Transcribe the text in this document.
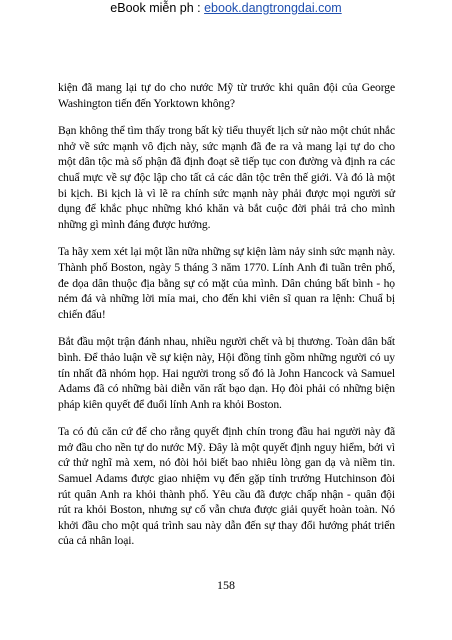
eBook miễn ph : ebook.dangtrongdai.com

kiện đã mang lại tự do cho nước Mỹ từ trước khi quân đội của George Washington tiến đến Yorktown không?

Bạn không thể tìm thấy trong bất kỳ tiểu thuyết lịch sử nào một chút nhắc nhở về sức mạnh vô địch này, sức mạnh đã đe ra và mang lại tự do cho một dân tộc mà số phận đã định đoạt sẽ tiếp tục con đường và định ra các chuẩ mực về sự độc lập cho tất cả các dân tộc trên thế giới. Và đó là một bi kịch. Bi kịch là vì lẽ ra chính sức mạnh này phải được mọi người sử dụng để khắc phục những khó khăn và bắt cuộc đời phải trả cho mình những gì mình đáng được hưởng.

Ta hãy xem xét lại một lần nữa những sự kiện làm nảy sinh sức mạnh này. Thành phố Boston, ngày 5 tháng 3 năm 1770. Lính Anh đi tuần trên phố, đe dọa dân thuộc địa bằng sự có mặt của mình. Dân chúng bất bình - họ ném đá và những lời mỉa mai, cho đến khi viên sĩ quan ra lệnh: Chuẩ bị chiến đấu!

Bắt đầu một trận đánh nhau, nhiều người chết và bị thương. Toàn dân bất bình. Để thảo luận về sự kiện này, Hội đồng tỉnh gồm những người có uy tín nhất đã nhóm họp. Hai người trong số đó là John Hancock và Samuel Adams đã có những bài diễn văn rất bạo dạn. Họ đòi phải có những biện pháp kiên quyết để đuổi lính Anh ra khỏi Boston.

Ta có đủ căn cứ để cho rằng quyết định chín trong đầu hai người này đã mở đầu cho nền tự do nước Mỹ. Đây là một quyết định nguy hiểm, bởi vì cứ thử nghĩ mà xem, nó đòi hỏi biết bao nhiêu lòng gan dạ và niềm tin. Samuel Adams được giao nhiệm vụ đến gặp tỉnh trưởng Hutchinson đòi rút quân Anh ra khỏi thành phố. Yêu cầu đã được chấp nhận - quân đội rút ra khỏi Boston, nhưng sự cố vẫn chưa được giải quyết hoàn toàn. Nó khởi đầu cho một quá trình sau này dẫn đến sự thay đổi hướng phát triển của cả nhân loại.

158
